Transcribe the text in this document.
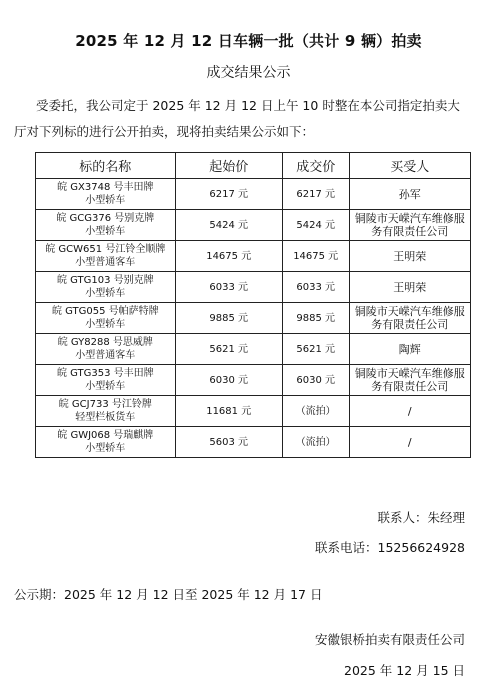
2025 年 12 月 12 日车辆一批（共计 9 辆）拍卖
成交结果公示
受委托，我公司定于 2025 年 12 月 12 日上午 10 时整在本公司指定拍卖大
厅对下列标的进行公开拍卖，现将拍卖结果公示如下：
标的名称	起始价	成交价	买受人

皖 GX3748 号丰田牌
小型轿车	6217 元	6217 元	孙军

皖 GCG376 号别克牌
小型轿车	5424 元	5424 元	铜陵市天嵘汽车维修服务有限责任公司

皖 GCW651 号江铃全顺牌
小型普通客车	14675 元	14675 元	王明荣

皖 GTG103 号别克牌
小型轿车	6033 元	6033 元	王明荣

皖 GTG055 号帕萨特牌
小型轿车	9885 元	9885 元	铜陵市天嵘汽车维修服务有限责任公司

皖 GY8288 号思威牌
小型普通客车	5621 元	5621 元	陶辉

皖 GTG353 号丰田牌
小型轿车	6030 元	6030 元	铜陵市天嵘汽车维修服务有限责任公司

皖 GCJ733 号江铃牌
轻型栏板货车	11681 元	（流拍）	/

皖 GWJ068 号瑞麒牌
小型轿车	5603 元	（流拍）	/
联系人：朱经理
联系电话：15256624928
公示期：2025 年 12 月 12 日至 2025 年 12 月 17 日
安徽银桥拍卖有限责任公司
2025 年 12 月 15 日
